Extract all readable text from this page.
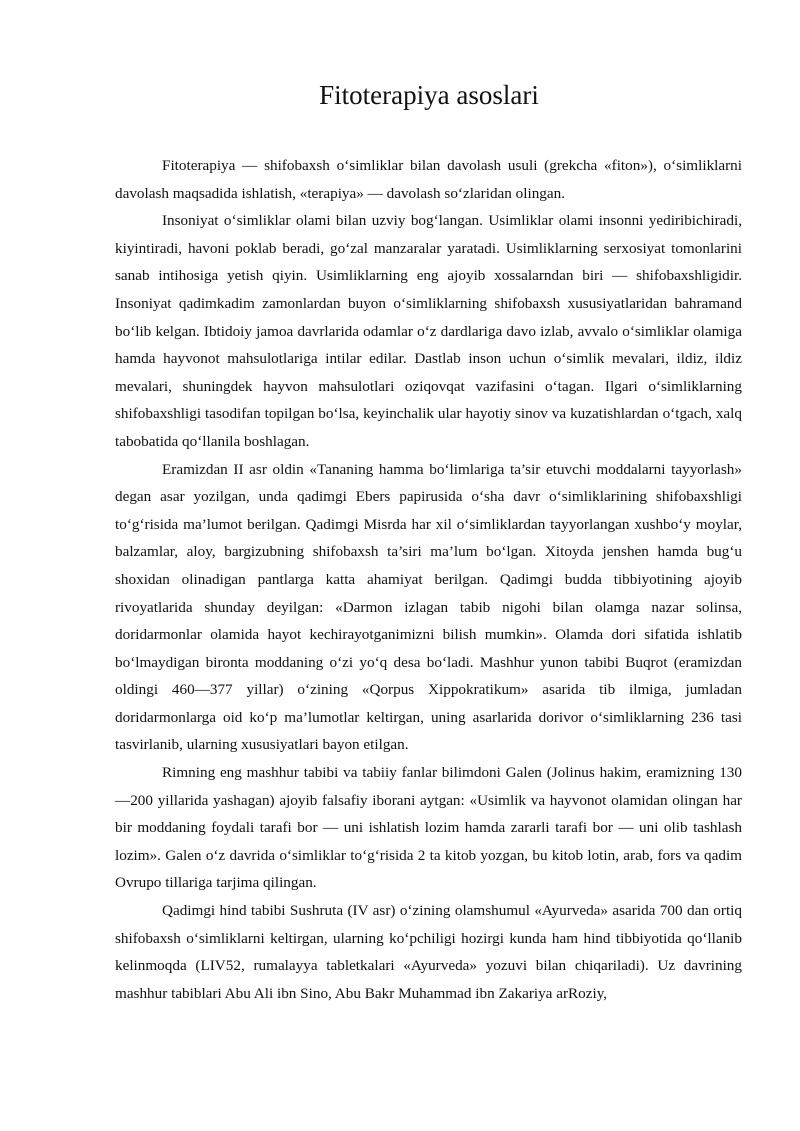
Fitoterapiya asoslari

Fitoterapiya — shifobaxsh o‘simliklar bilan davolash usuli (grekcha «fiton»), o‘simliklarni davolash maqsadida ishlatish, «terapiya» — davolash so‘zlaridan olingan.

Insoniyat o‘simliklar olami bilan uzviy bog‘langan. Usimliklar olami insonni yediribichiradi, kiyintiradi, havoni poklab beradi, go‘zal manzaralar yaratadi. Usimliklarning serxosiyat tomonlarini sanab intihosiga yetish qiyin. Usimliklarning eng ajoyib xossalarndan biri — shifobaxshligidir. Insoniyat qadimkadim zamonlardan buyon o‘simliklarning shifobaxsh xususiyatlaridan bahramand bo‘lib kelgan. Ibtidoiy jamoa davrlarida odamlar o‘z dardlariga davo izlab, avvalo o‘simliklar olamiga hamda hayvonot mahsulotlariga intilar edilar. Dastlab inson uchun o‘simlik mevalari, ildiz, ildiz mevalari, shuningdek hayvon mahsulotlari oziqovqat vazifasini o‘tagan. Ilgari o‘simliklarning shifobaxshligi tasodifan topilgan bo‘lsa, keyinchalik ular hayotiy sinov va kuzatishlardan o‘tgach, xalq tabobatida qo‘llanila boshlagan.

Eramizdan II asr oldin «Tananing hamma bo‘limlariga ta’sir etuvchi moddalarni tayyorlash» degan asar yozilgan, unda qadimgi Ebers papirusida o‘sha davr o‘simliklarining shifobaxshligi to‘g‘risida ma’lumot berilgan. Qadimgi Misrda har xil o‘simliklardan tayyorlangan xushbo‘y moylar, balzamlar, aloy, bargizubning shifobaxsh ta’siri ma’lum bo‘lgan. Xitoyda jenshen hamda bug‘u shoxidan olinadigan pantlarga katta ahamiyat berilgan. Qadimgi budda tibbiyotining ajoyib rivoyatlarida shunday deyilgan: «Darmon izlagan tabib nigohi bilan olamga nazar solinsa, doridarmonlar olamida hayot kechirayotganimizni bilish mumkin». Olamda dori sifatida ishlatib bo‘lmaydigan bironta moddaning o‘zi yo‘q desa bo‘ladi. Mashhur yunon tabibi Buqrot (eramizdan oldingi 460—377 yillar) o‘zining «Qorpus Xippokratikum» asarida tib ilmiga, jumladan doridarmonlarga oid ko‘p ma’lumotlar keltirgan, uning asarlarida dorivor o‘simliklarning 236 tasi tasvirlanib, ularning xususiyatlari bayon etilgan.

Rimning eng mashhur tabibi va tabiiy fanlar bilimdoni Galen (Jolinus hakim, eramizning 130—200 yillarida yashagan) ajoyib falsafiy iborani aytgan: «Usimlik va hayvonot olamidan olingan har bir moddaning foydali tarafi bor — uni ishlatish lozim hamda zararli tarafi bor — uni olib tashlash lozim». Galen o‘z davrida o‘simliklar to‘g‘risida 2 ta kitob yozgan, bu kitob lotin, arab, fors va qadim Ovrupo tillariga tarjima qilingan.

Qadimgi hind tabibi Sushruta (IV asr) o‘zining olamshumul «Ayurveda» asarida 700 dan ortiq shifobaxsh o‘simliklarni keltirgan, ularning ko‘pchiligi hozirgi kunda ham hind tibbiyotida qo‘llanib kelinmoqda (LIV52, rumalayya tabletkalari «Ayurveda» yozuvi bilan chiqariladi). Uz davrining mashhur tabiblari Abu Ali ibn Sino, Abu Bakr Muhammad ibn Zakariya arRoziy,
